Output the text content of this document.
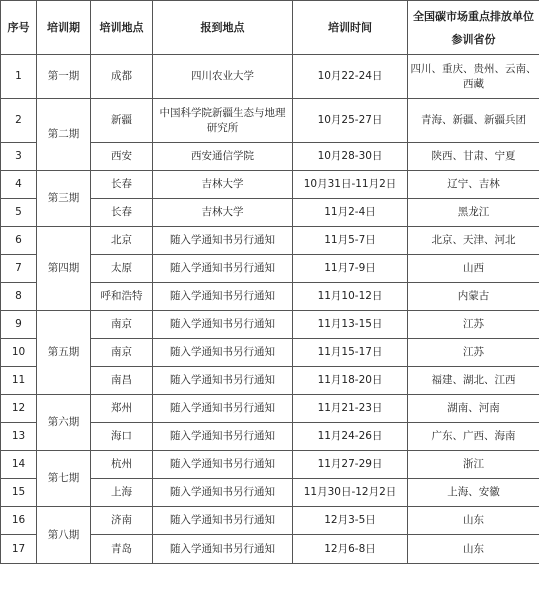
序号	培训期	培训地点	报到地点	培训时间	全国碳市场重点排放单位
参训省份

1	第一期	成都	四川农业大学	10月22-24日	四川、重庆、贵州、云南、西藏
2	第二期	新疆	中国科学院新疆生态与地理研究所	10月25-27日	青海、新疆、新疆兵团
3		西安	西安通信学院	10月28-30日	陕西、甘肃、宁夏
4	第三期	长春	吉林大学	10月31日-11月2日	辽宁、吉林
5		长春	吉林大学	11月2-4日	黑龙江
6	第四期	北京	随入学通知书另行通知	11月5-7日	北京、天津、河北
7		太原	随入学通知书另行通知	11月7-9日	山西
8		呼和浩特	随入学通知书另行通知	11月10-12日	内蒙古
9	第五期	南京	随入学通知书另行通知	11月13-15日	江苏
10		南京	随入学通知书另行通知	11月15-17日	江苏
11		南昌	随入学通知书另行通知	11月18-20日	福建、湖北、江西
12	第六期	郑州	随入学通知书另行通知	11月21-23日	湖南、河南
13		海口	随入学通知书另行通知	11月24-26日	广东、广西、海南
14	第七期	杭州	随入学通知书另行通知	11月27-29日	浙江
15		上海	随入学通知书另行通知	11月30日-12月2日	上海、安徽
16	第八期	济南	随入学通知书另行通知	12月3-5日	山东
17		青岛	随入学通知书另行通知	12月6-8日	山东
